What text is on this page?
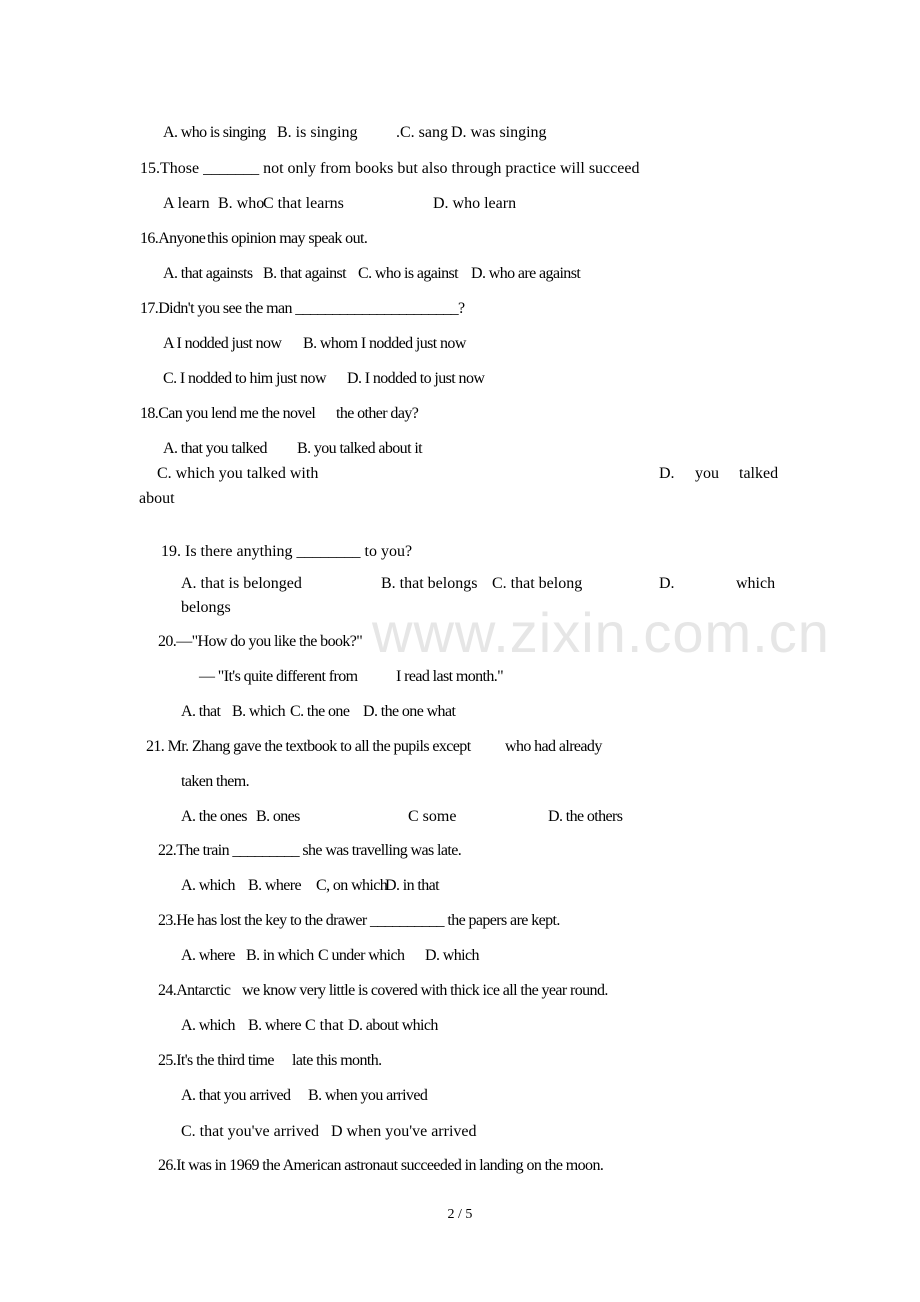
www.zixin.com.cn
A. who is singing B. is singing .C. sang D. was singing
15.Those _______ not only from books but also through practice will succeed
A learn B. who
C that learns	D. who learn
16.Anyone this opinion may speak out.
A. that againsts B. that against C. who is against D. who are against
17.Didn't you see the man ______________________?
A I nodded just now B. whom I nodded just now
C. I nodded to him just now D. I nodded to just now
18.Can you lend me the novel the other day?
A. that you talked B. you talked about it
C. which you talked with	D. you talked
about
19. Is there anything ________ to you?
A. that is belonged	B. that belongs C. that belong	D.	which
belongs
20.—"How do you like the book?"
— "It's quite different from I read last month."
A. that B. which C. the one D. the one what
21. Mr. Zhang gave the textbook to all the pupils except who had already
taken them.
A. the ones B. ones	C some	D. the others
22.The train _________ she was travelling was late.
A. which B. where C, on which
D. in that
23.He has lost the key to the drawer __________ the papers are kept.
A. where B. in which C under which D. which
24.Antarctic we know very little is covered with thick ice all the year round.
A. which B. where C that D. about which
25.It's the third time late this month.
A. that you arrived B. when you arrived
C. that you've arrived D when you've arrived
26.It was in 1969 the American astronaut succeeded in landing on the moon.
2 / 5
